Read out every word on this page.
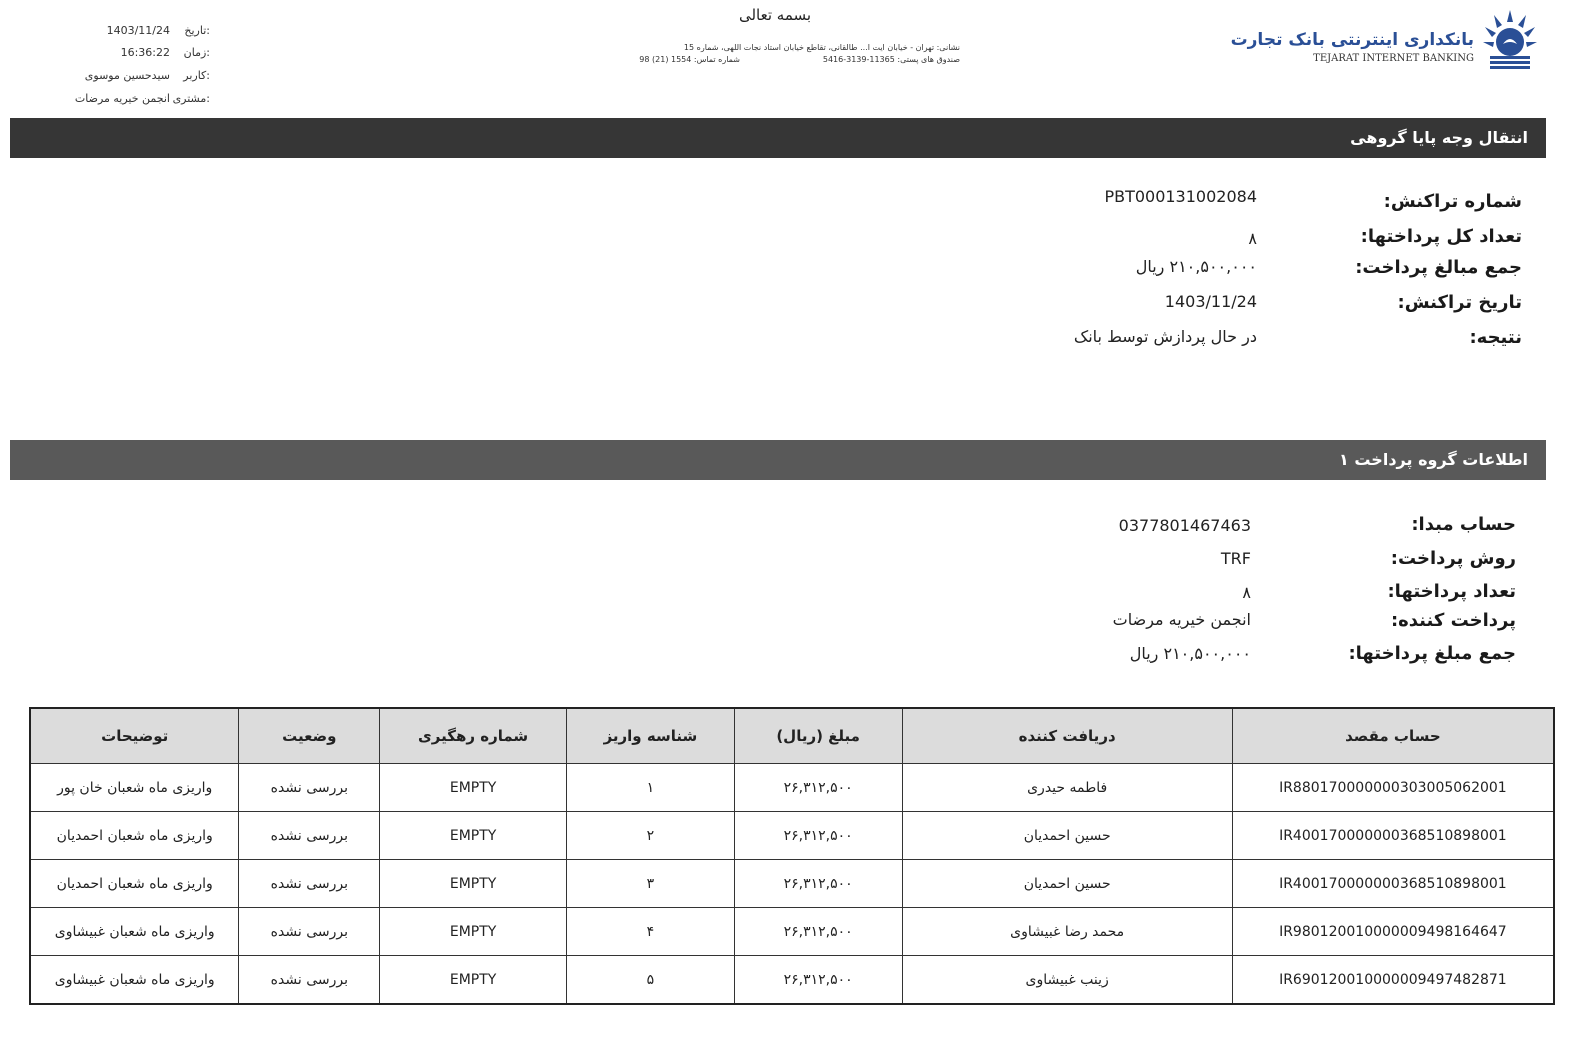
تاریخ:
1403/11/24
زمان:
16:36:22
کاربر:
سیدحسین موسوی
مشتری:
انجمن خیریه مرضات
بسمه تعالی
نشانی: تهران - خیابان ایت ا... طالقانی، تقاطع خیابان استاد نجات اللهی، شماره 15
صندوق های پستی: 11365-3139-5416
شماره تماس: 1554 (21) 98
بانکداری اینترنتی بانک تجارت
TEJARAT INTERNET BANKING
انتقال وجه پایا گروهی
شماره تراکنش:
PBT000131002084
تعداد کل پرداختها:
۸
جمع مبالغ پرداخت:
۲۱۰,۵۰۰,۰۰۰ ریال
تاریخ تراکنش:
1403/11/24
نتیجه:
در حال پردازش توسط بانک
اطلاعات گروه پرداخت ۱
حساب مبدا:
0377801467463
روش پرداخت:
TRF
تعداد پرداختها:
۸
پرداخت کننده:
انجمن خیریه مرضات
جمع مبلغ پرداختها:
۲۱۰,۵۰۰,۰۰۰ ریال
حساب مقصد	دریافت کننده	مبلغ (ریال)	شناسه واریز	شماره رهگیری	وضعیت	توضیحات
IR880170000000303005062001	فاطمه حیدری	۲۶,۳۱۲,۵۰۰	۱	EMPTY	بررسی نشده	واریزی ماه شعبان خان پور
IR400170000000368510898001	حسین احمدیان	۲۶,۳۱۲,۵۰۰	۲	EMPTY	بررسی نشده	واریزی ماه شعبان احمدیان
IR400170000000368510898001	حسین احمدیان	۲۶,۳۱۲,۵۰۰	۳	EMPTY	بررسی نشده	واریزی ماه شعبان احمدیان
IR980120010000009498164647	محمد رضا غبیشاوی	۲۶,۳۱۲,۵۰۰	۴	EMPTY	بررسی نشده	واریزی ماه شعبان غبیشاوی
IR690120010000009497482871	زینب غبیشاوی	۲۶,۳۱۲,۵۰۰	۵	EMPTY	بررسی نشده	واریزی ماه شعبان غبیشاوی
